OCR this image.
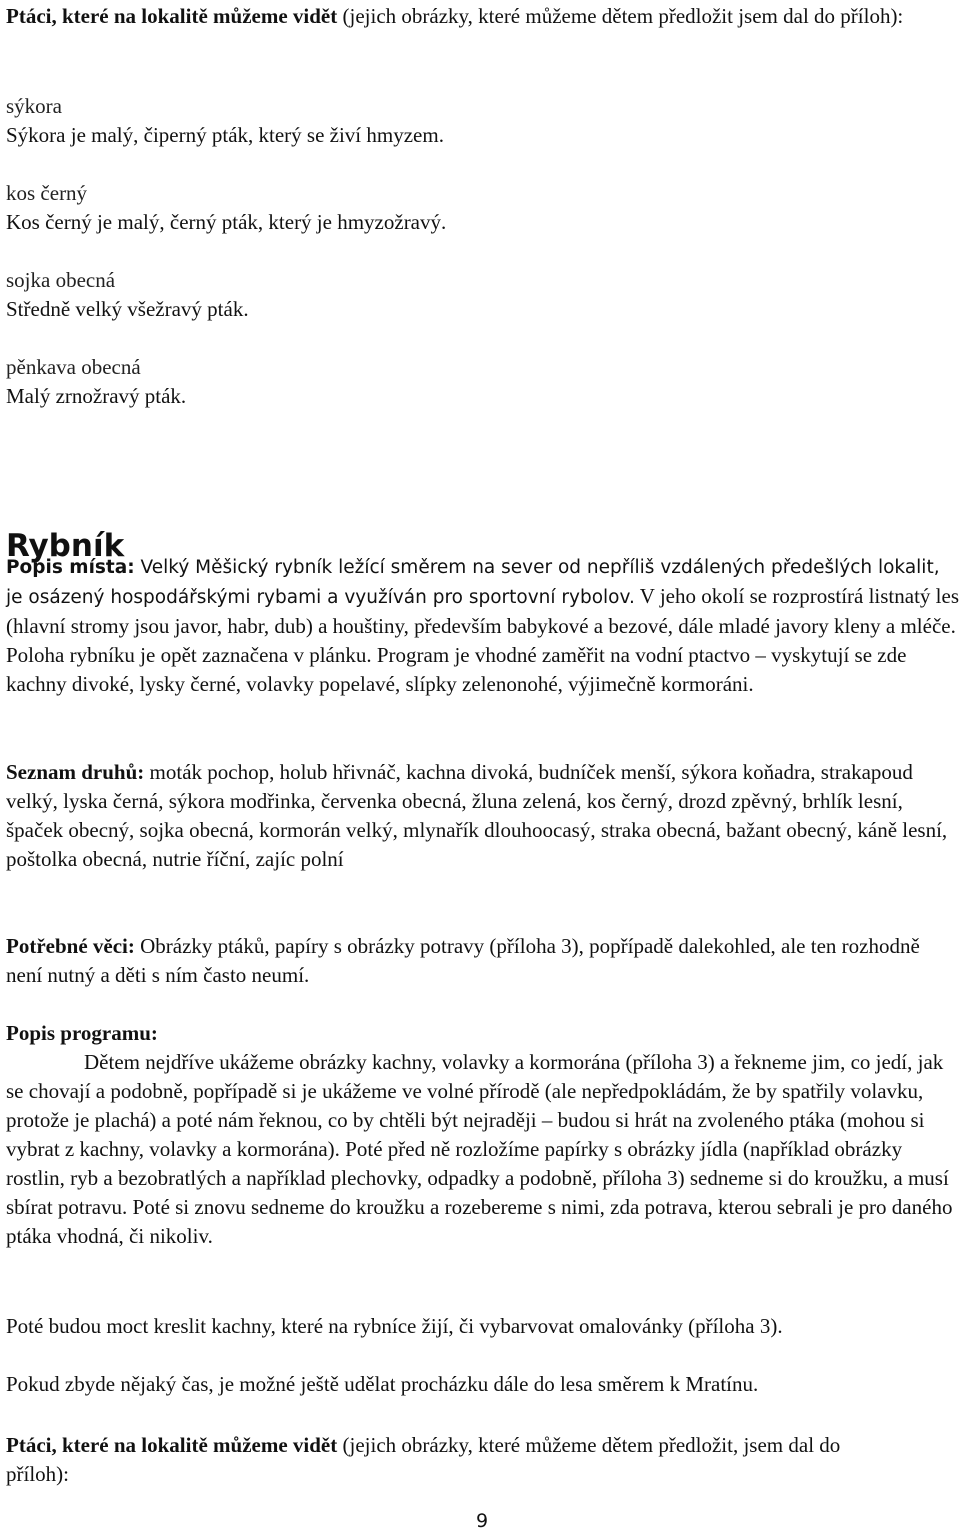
Ptáci, které na lokalitě můžeme vidět (jejich obrázky, které můžeme dětem předložit jsem dal do příloh):

sýkora

Sýkora je malý, čiperný pták, který se živí hmyzem.

kos černý

Kos černý je malý, černý pták, který je hmyzožravý.

sojka obecná

Středně velký všežravý pták.

pěnkava obecná

Malý zrnožravý pták.

Rybník

Popis místa: Velký Měšický rybník ležící směrem na sever od nepříliš vzdálených předešlých lokalit, je osázený hospodářskými rybami a využíván pro sportovní rybolov. V jeho okolí se rozprostírá listnatý les (hlavní stromy jsou javor, habr, dub) a houštiny, především babykové a bezové, dále mladé javory kleny a mléče. Poloha rybníku je opět zaznačena v plánku. Program je vhodné zaměřit na vodní ptactvo – vyskytují se zde kachny divoké, lysky černé, volavky popelavé, slípky zelenonohé, výjimečně kormoráni.

Seznam druhů: moták pochop, holub hřivnáč, kachna divoká, budníček menší, sýkora koňadra, strakapoud velký, lyska černá, sýkora modřinka, červenka obecná, žluna zelená, kos černý, drozd zpěvný, brhlík lesní, špaček obecný, sojka obecná, kormorán velký, mlynařík dlouhoocasý, straka obecná, bažant obecný, káně lesní, poštolka obecná, nutrie říční, zajíc polní

Potřebné věci: Obrázky ptáků, papíry s obrázky potravy (příloha 3), popřípadě dalekohled, ale ten rozhodně není nutný a děti s ním často neumí.

Popis programu:

Dětem nejdříve ukážeme obrázky kachny, volavky a kormorána (příloha 3) a řekneme jim, co jedí, jak se chovají a podobně, popřípadě si je ukážeme ve volné přírodě (ale nepředpokládám, že by spatřily volavku, protože je plachá) a poté nám řeknou, co by chtěli být nejraději – budou si hrát na zvoleného ptáka (mohou si vybrat z kachny, volavky a kormorána). Poté před ně rozložíme papírky s obrázky jídla (například obrázky rostlin, ryb a bezobratlých a například plechovky, odpadky a podobně, příloha 3) sedneme si do kroužku, a musí sbírat potravu. Poté si znovu sedneme do kroužku a rozebereme s nimi, zda potrava, kterou sebrali je pro daného ptáka vhodná, či nikoliv.

Poté budou moct kreslit kachny, které na rybníce žijí, či vybarvovat omalovánky (příloha 3).

Pokud zbyde nějaký čas, je možné ještě udělat procházku dále do lesa směrem k Mratínu.

Ptáci, které na lokalitě můžeme vidět (jejich obrázky, které můžeme dětem předložit, jsem dal do příloh):

9
